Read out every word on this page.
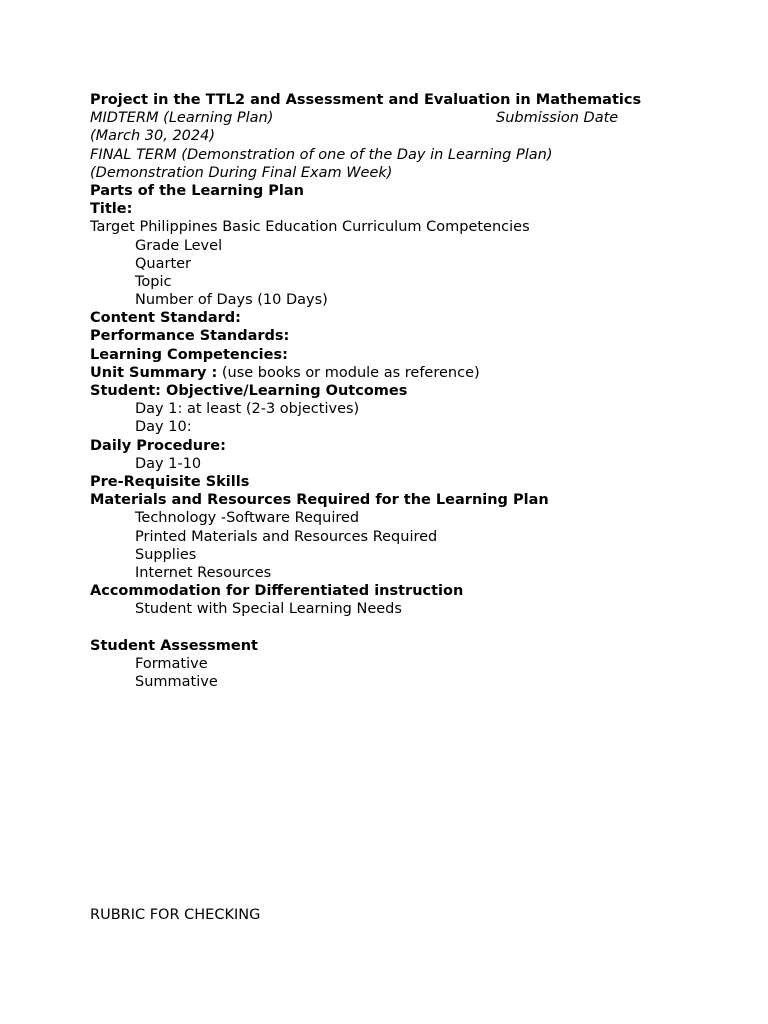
Project in the TTL2 and Assessment and Evaluation in Mathematics
MIDTERM (Learning Plan)	Submission Date
(March 30, 2024)
FINAL TERM (Demonstration of one of the Day in Learning Plan)
(Demonstration During Final Exam Week)
Parts of the Learning Plan
Title:
Target Philippines Basic Education Curriculum Competencies
Grade Level
Quarter
Topic
Number of Days (10 Days)
Content Standard:
Performance Standards:
Learning Competencies:
Unit Summary : (use books or module as reference)
Student: Objective/Learning Outcomes
Day 1: at least (2-3 objectives)
Day 10:
Daily Procedure:
Day 1-10
Pre-Requisite Skills
Materials and Resources Required for the Learning Plan
Technology -Software Required
Printed Materials and Resources Required
Supplies
Internet Resources
Accommodation for Differentiated instruction
Student with Special Learning Needs
Student Assessment
Formative
Summative
RUBRIC FOR CHECKING
